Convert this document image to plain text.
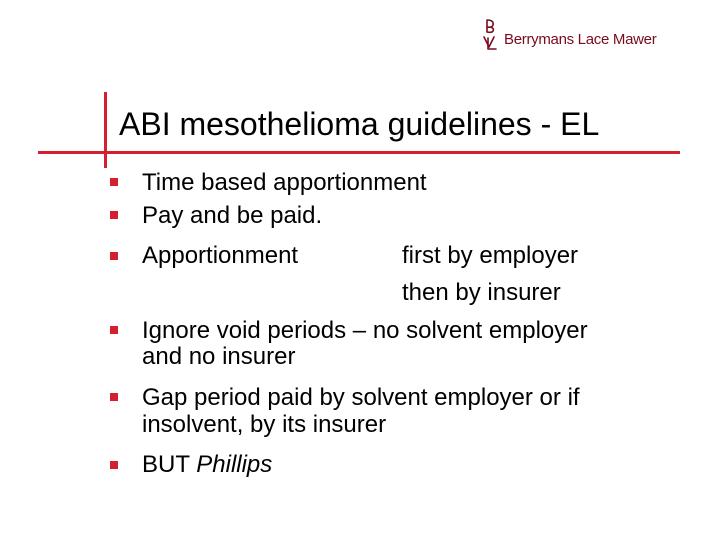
Berrymans Lace Mawer
ABI mesothelioma guidelines - EL
Time based apportionment
Pay and be paid.
Apportionment	first by employer
then by insurer
Ignore void periods – no solvent employer
and no insurer
Gap period paid by solvent employer or if
insolvent, by its insurer
BUT Phillips
